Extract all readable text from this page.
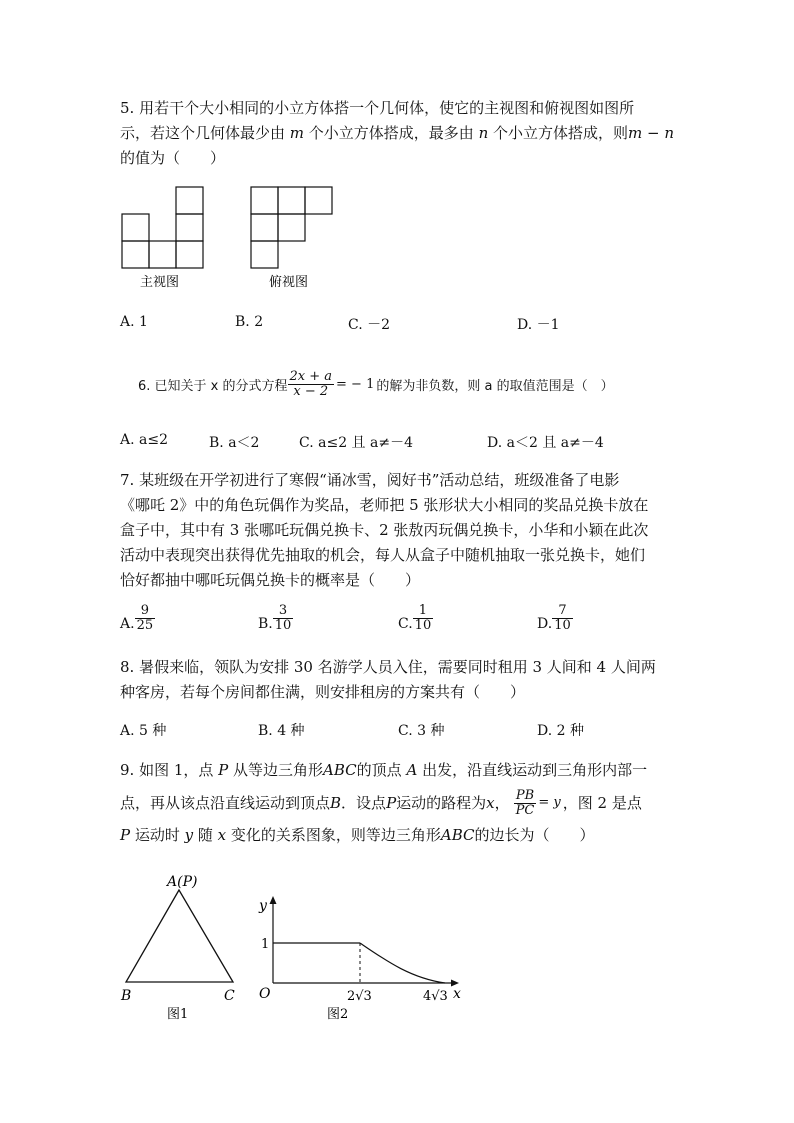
5. 用若干个大小相同的小立方体搭一个几何体，使它的主视图和俯视图如图所
示，若这个几何体最少由 m 个小立方体搭成，最多由 n 个小立方体搭成，则m − n
的值为（　　）
主视图	俯视图
A. 1	B. 2	C. －2	D. －1
6. 已知关于 x 的分式方程 $\frac{2x + a}{x - 2}$ = − 1 的解为非负数，则 a 的取值范围是（　）
A. a≤2	B. a＜2	C. a≤2 且 a≠－4	D. a＜2 且 a≠－4
7. 某班级在开学初进行了寒假“诵冰雪，阅好书”活动总结，班级准备了电影
《哪吒 2》中的角色玩偶作为奖品，老师把 5 张形状大小相同的奖品兑换卡放在
盒子中，其中有 3 张哪吒玩偶兑换卡、2 张敖丙玩偶兑换卡，小华和小颖在此次
活动中表现突出获得优先抽取的机会，每人从盒子中随机抽取一张兑换卡，她们
恰好都抽中哪吒玩偶兑换卡的概率是（　　）
A. $\frac{9}{25}$	B. $\frac{3}{10}$	C. $\frac{1}{10}$	D. $\frac{7}{10}$
8. 暑假来临，领队为安排 30 名游学人员入住，需要同时租用 3 人间和 4 人间两
种客房，若每个房间都住满，则安排租房的方案共有（　　）
A. 5 种	B. 4 种	C. 3 种	D. 2 种
9. 如图 1，点 P 从等边三角形ABC的顶点 A 出发，沿直线运动到三角形内部一
点，再从该点沿直线运动到顶点 B ．设点 P 运动的路程为 x ， $\frac{PB}{PC} = y$ ，图 2 是点
P 运动时 y 随 x 变化的关系图象，则等边三角形ABC的边长为（　　）
A(P)
B	C
图1
y
x
O
1
2√3	4√3
图2
